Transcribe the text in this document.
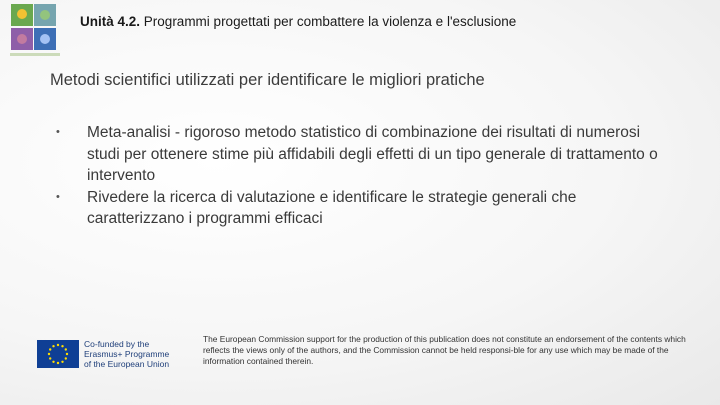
Unità 4.2. Programmi progettati per combattere la violenza e l'esclusione
Metodi scientifici utilizzati per identificare le migliori pratiche
• Meta-analisi - rigoroso metodo statistico di combinazione dei risultati di numerosi studi per ottenere stime più affidabili degli effetti di un tipo generale di trattamento o intervento
• Rivedere la ricerca di valutazione e identificare le strategie generali che caratterizzano i programmi efficaci
Co-funded by the
Erasmus+ Programme
of the European Union
The European Commission support for the production of this publication does not constitute an endorsement of the contents which reflects the views only of the authors, and the Commission cannot be held responsi-ble for any use which may be made of the information contained therein.
